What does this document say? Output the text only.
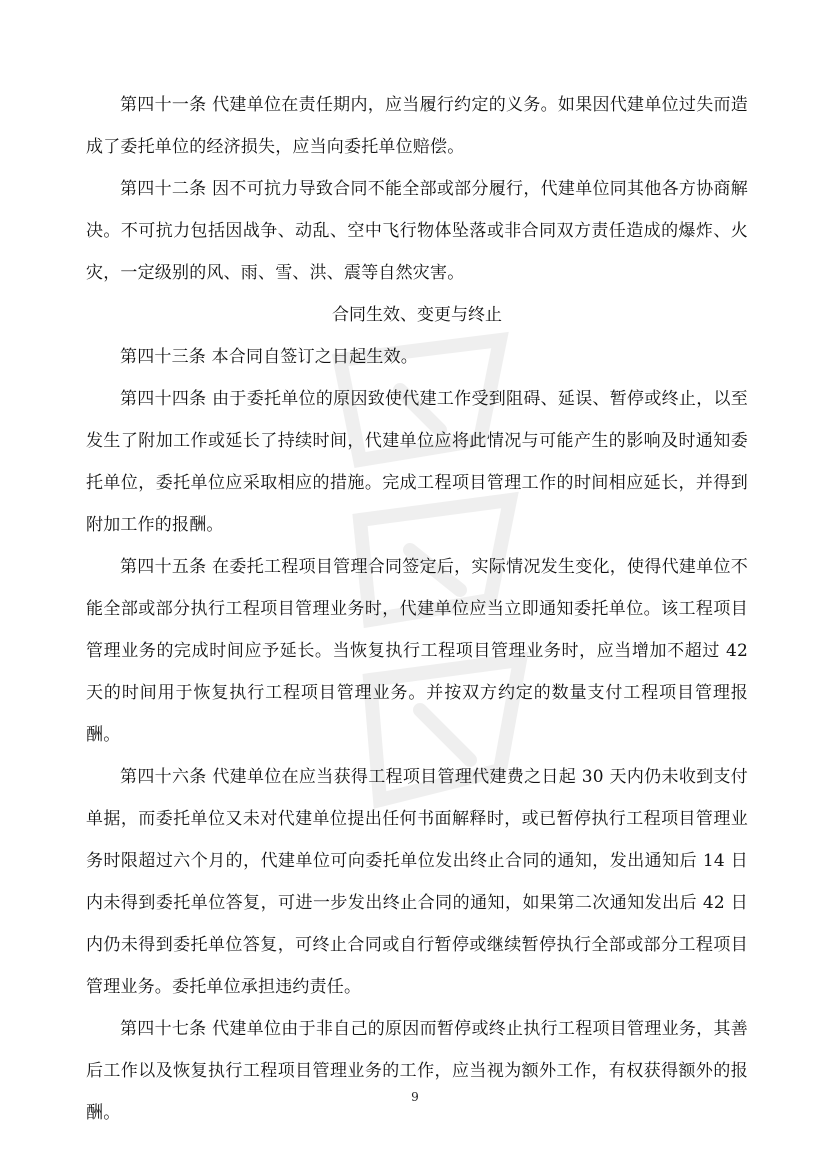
第四十一条 代建单位在责任期内，应当履行约定的义务。如果因代建单位过失而造成了委托单位的经济损失，应当向委托单位赔偿。

第四十二条 因不可抗力导致合同不能全部或部分履行，代建单位同其他各方协商解决。不可抗力包括因战争、动乱、空中飞行物体坠落或非合同双方责任造成的爆炸、火灾，一定级别的风、雨、雪、洪、震等自然灾害。

合同生效、变更与终止

第四十三条 本合同自签订之日起生效。

第四十四条 由于委托单位的原因致使代建工作受到阻碍、延误、暂停或终止，以至发生了附加工作或延长了持续时间，代建单位应将此情况与可能产生的影响及时通知委托单位，委托单位应采取相应的措施。完成工程项目管理工作的时间相应延长，并得到附加工作的报酬。

第四十五条 在委托工程项目管理合同签定后，实际情况发生变化，使得代建单位不能全部或部分执行工程项目管理业务时，代建单位应当立即通知委托单位。该工程项目管理业务的完成时间应予延长。当恢复执行工程项目管理业务时，应当增加不超过 42 天的时间用于恢复执行工程项目管理业务。并按双方约定的数量支付工程项目管理报酬。

第四十六条 代建单位在应当获得工程项目管理代建费之日起 30 天内仍未收到支付单据，而委托单位又未对代建单位提出任何书面解释时，或已暂停执行工程项目管理业务时限超过六个月的，代建单位可向委托单位发出终止合同的通知，发出通知后 14 日内未得到委托单位答复，可进一步发出终止合同的通知，如果第二次通知发出后 42 日内仍未得到委托单位答复，可终止合同或自行暂停或继续暂停执行全部或部分工程项目管理业务。委托单位承担违约责任。

第四十七条 代建单位由于非自己的原因而暂停或终止执行工程项目管理业务，其善后工作以及恢复执行工程项目管理业务的工作，应当视为额外工作，有权获得额外的报酬。

9
